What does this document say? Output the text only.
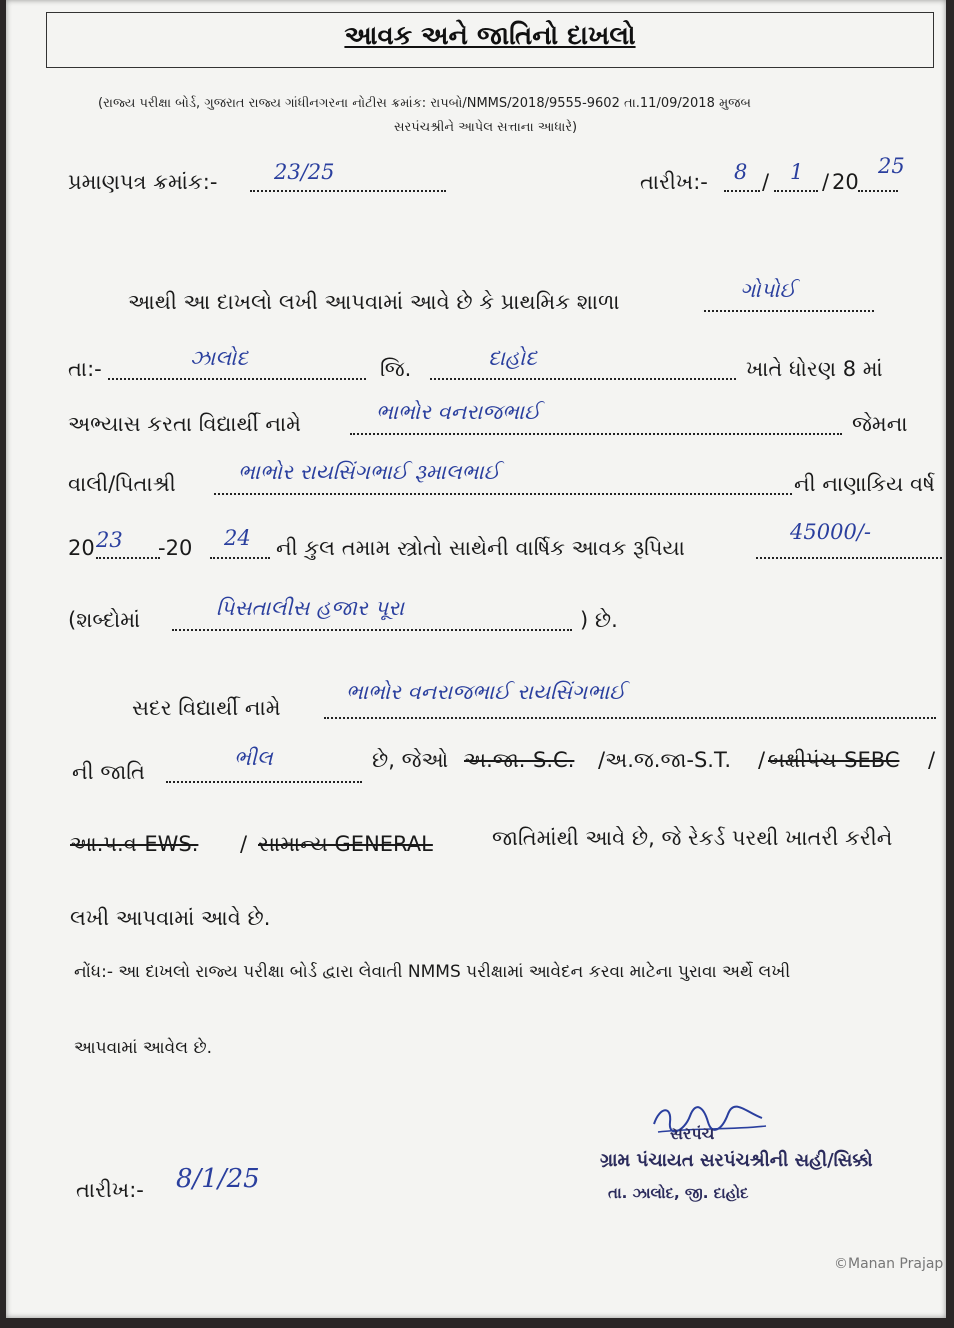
આવક અને જાતિનો દાખલો
(રાજ્ય પરીક્ષા બોર્ડ, ગુજરાત રાજ્ય ગાંધીનગરના નોટીસ ક્રમાંક: રાપબો/NMMS/2018/9555-9602 તા.11/09/2018 મુજબ
સરપંચશ્રીને આપેલ સત્તાના આધારે)
પ્રમાણપત્ર ક્રમાંક:-	23/25	તારીખ:- 8 / 1 / 20
25
આથી આ દાખલો લખી આપવામાં આવે છે કે પ્રાથમિક શાળા	ગોપોઈ
તા:-	ઝાલોદ	જિ.	દાહોદ	ખાતે ધોરણ 8 માં
અભ્યાસ કરતા વિદ્યાર્થી નામે	ભાભોર વનરાજભાઈ	જેમના
વાલી/પિતાશ્રી	ભાભોર રાયસિંગભાઈ રૂમાલભાઈ	ની નાણાકિય વર્ષ
20 23 -20 24 ની કુલ તમામ સ્ત્રોતો સાથેની વાર્ષિક આવક રૂપિયા
45000/-
(શબ્દોમાં	પિસતાલીસ હજાર પૂરા	) છે.
સદર વિદ્યાર્થી નામે
ભાભોર વનરાજભાઈ રાયસિંગભાઈ
ની જાતિ
ભીલ	છે, જેઓ અ.જા.-S.C. /અ.જ.જા-S.T. / બક્ષીપંચ-SEBC /
આ.પ.વ-EWS. / સામાન્ય GENERAL	જાતિમાંથી આવે છે, જે રેકર્ડ પરથી ખાતરી કરીને
લખી આપવામાં આવે છે.
નોંધ:- આ દાખલો રાજ્ય પરીક્ષા બોર્ડ દ્વારા લેવાતી NMMS પરીક્ષામાં આવેદન કરવા માટેના પુરાવા અર્થે લખી
આપવામાં આવેલ છે.
તારીખ:- 8/1/25
સરપંચ
ગ્રામ પંચાયત સરપંચશ્રીની સહી/સિક્કો
તા. ઝાલોદ, જી. દાહોદ
©Manan Prajap
